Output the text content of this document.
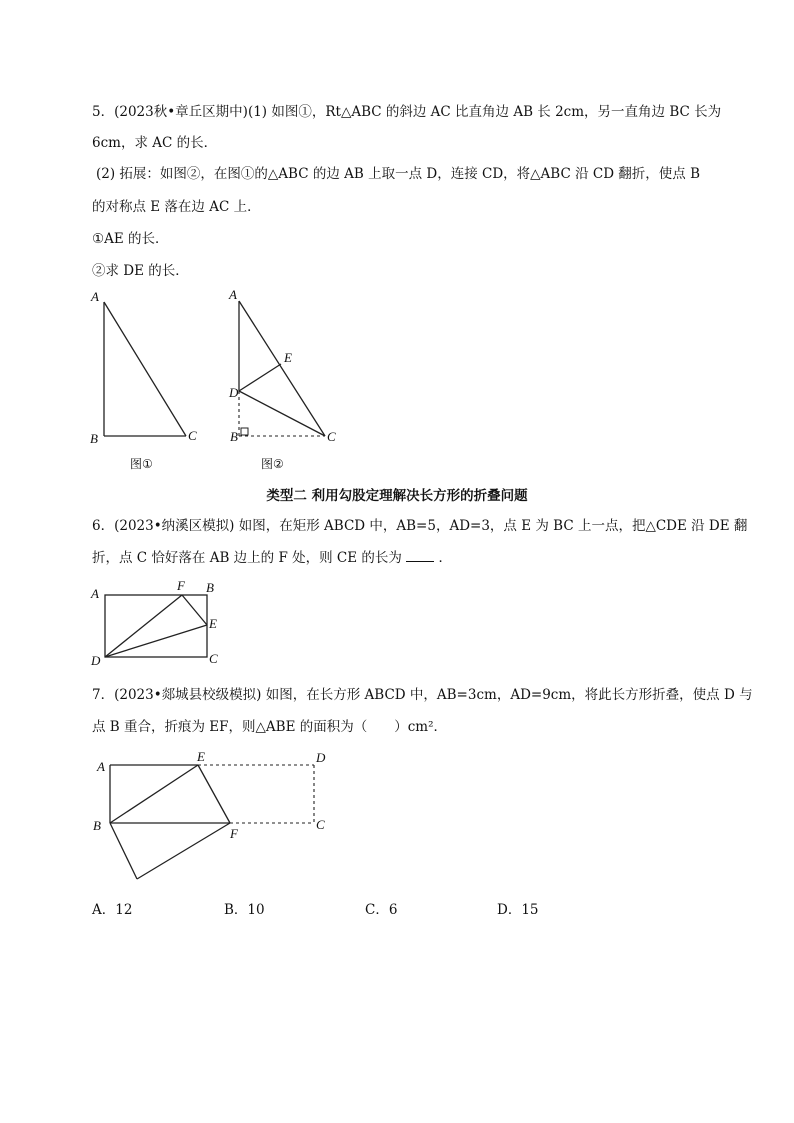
5．(2023秋•章丘区期中)(1) 如图①，Rt△ABC 的斜边 AC 比直角边 AB 长 2cm，另一直角边 BC 长为
6cm，求 AC 的长．
(2) 拓展：如图②，在图①的△ABC 的边 AB 上取一点 D，连接 CD，将△ABC 沿 CD 翻折，使点 B
的对称点 E 落在边 AC 上．
①AE 的长．
②求 DE 的长．
A
B	C
图①
A
E
D
B	C
图②
A
F B
E
D	C
A
E	D
B
F
C
类型二 利用勾股定理解决长方形的折叠问题
6．(2023•纳溪区模拟) 如图，在矩形 ABCD 中，AB=5，AD=3，点 E 为 BC 上一点，把△CDE 沿 DE 翻
折，点 C 恰好落在 AB 边上的 F 处，则 CE 的长为	．
7．(2023•郯城县校级模拟) 如图，在长方形 ABCD 中，AB=3cm，AD=9cm，将此长方形折叠，使点 D 与
点 B 重合，折痕为 EF，则△ABE 的面积为（　　）cm²．
A．12	B．10	C．6	D．15
